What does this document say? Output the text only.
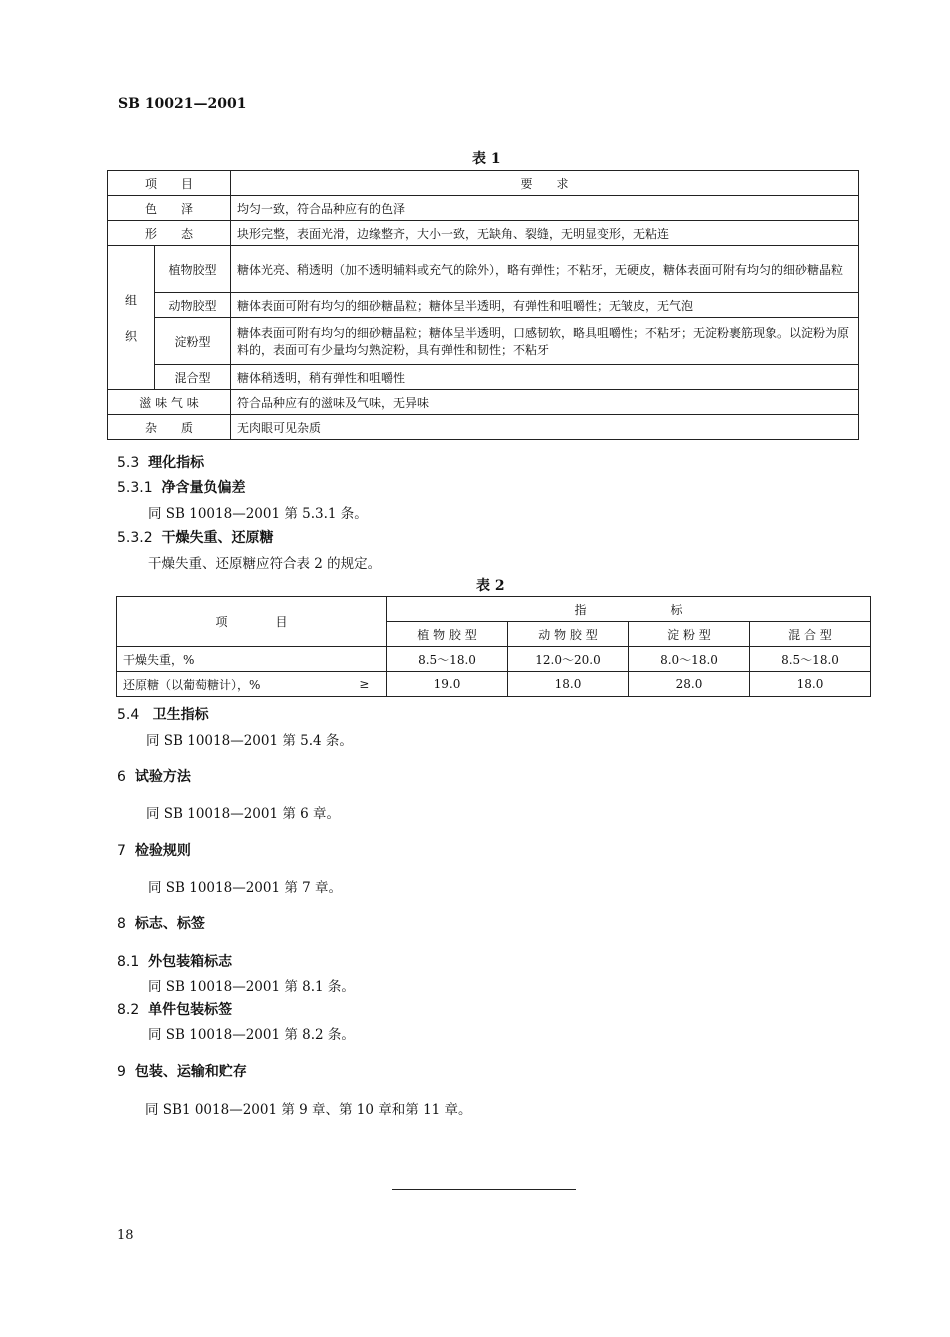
SB 10021—2001
表 1
项　　目		要　　求
色　　泽		均匀一致，符合品种应有的色泽
形　　态		块形完整，表面光滑，边缘整齐，大小一致，无缺角、裂缝，无明显变形，无粘连
组　　织	植物胶型	糖体光亮、稍透明（加不透明辅料或充气的除外），略有弹性；不粘牙，无硬皮，糖体表面可附有均匀的细砂糖晶粒
	动物胶型	糖体表面可附有均匀的细砂糖晶粒；糖体呈半透明，有弹性和咀嚼性；无皱皮，无气泡
	淀粉型	糖体表面可附有均匀的细砂糖晶粒；糖体呈半透明，口感韧软，略具咀嚼性；不粘牙；无淀粉裹筋现象。以淀粉为原料的，表面可有少量均匀熟淀粉，具有弹性和韧性；不粘牙
	混合型	糖体稍透明，稍有弹性和咀嚼性
滋 味 气 味		符合品种应有的滋味及气味，无异味
杂　　质		无肉眼可见杂质
5.3 理化指标
5.3.1 净含量负偏差
同 SB 10018—2001 第 5.3.1 条。
5.3.2 干燥失重、还原糖
干燥失重、还原糖应符合表 2 的规定。
表 2
项　　　　目		指　　　　　　　标			
		植 物 胶 型	动 物 胶 型	淀 粉 型	混 合 型
干燥失重，%		8.5～18.0	12.0～20.0	8.0～18.0	8.5～18.0
还原糖（以葡萄糖计），%	≥	19.0	18.0	28.0	18.0
5.4 卫生指标
同 SB 10018—2001 第 5.4 条。
6 试验方法
同 SB 10018—2001 第 6 章。
7 检验规则
同 SB 10018—2001 第 7 章。
8 标志、标签
8.1 外包装箱标志
同 SB 10018—2001 第 8.1 条。
8.2 单件包装标签
同 SB 10018—2001 第 8.2 条。
9 包装、运输和贮存
同 SB1 0018—2001 第 9 章、第 10 章和第 11 章。
18
